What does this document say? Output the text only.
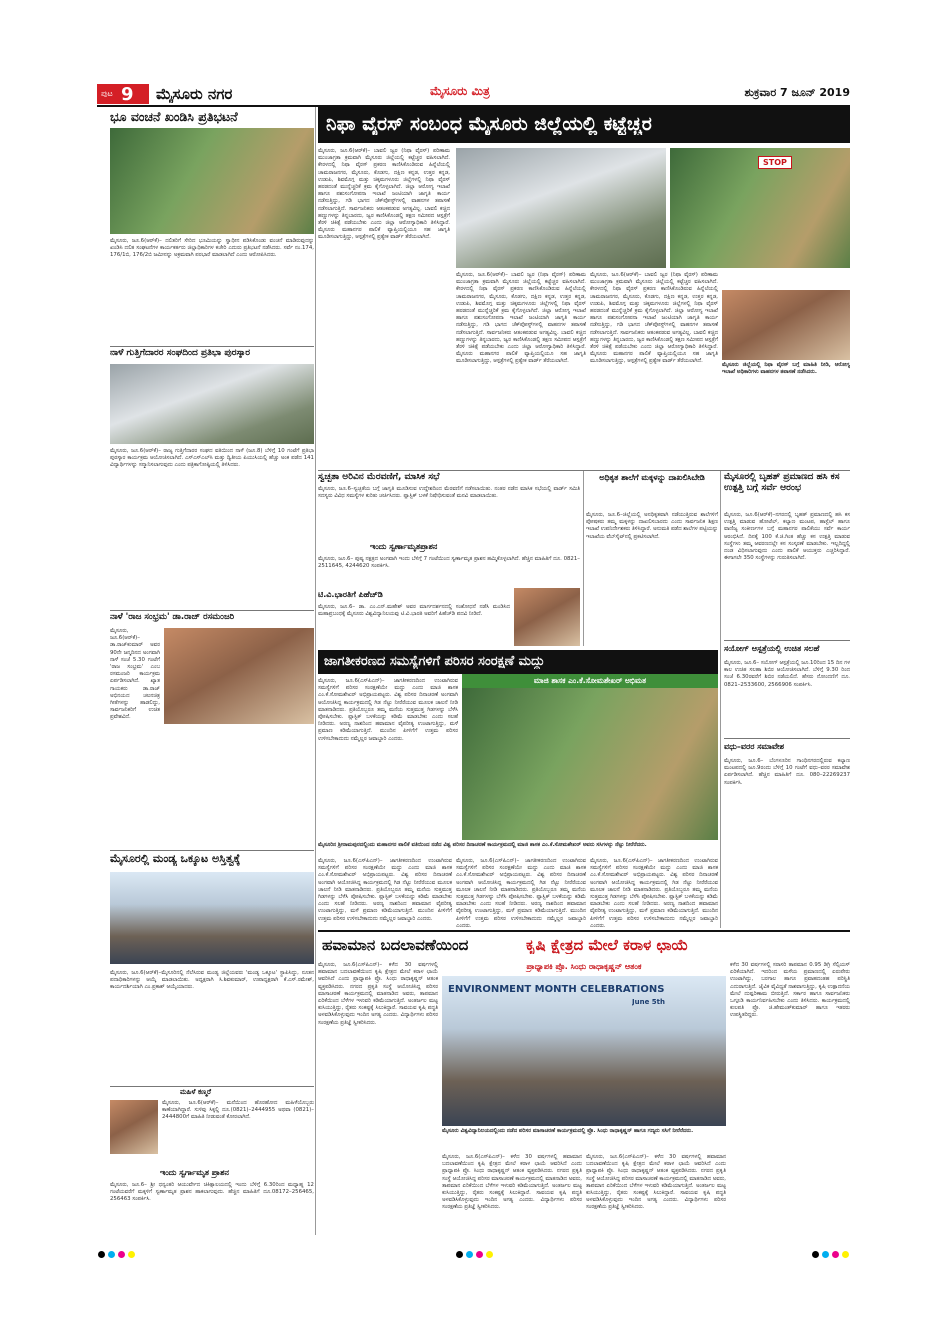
ಪುಟ 9 ಮೈಸೂರು ನಗರ	ಮೈಸೂರು ಮಿತ್ರ	ಶುಕ್ರವಾರ 7 ಜೂನ್ 2019
ನಿಫಾ ವೈರಸ್ ಸಂಬಂಧ ಮೈಸೂರು ಜಿಲ್ಲೆಯಲ್ಲಿ ಕಟ್ಟೆಚ್ಚರ
ಭೂ ವಂಚನೆ ಖಂಡಿಸಿ ಪ್ರತಿಭಟನೆ

ಮೈಸೂರು, ಜೂ.6(ಆರ್‌ಕೆ)– ದಲಿತರಿಗೆ ಸೇರಿದ ಭೂಮಿಯನ್ನು ಸ್ವಾಧೀನ ಪಡಿಸಿಕೊಂಡು ವಂಚನೆ ಮಾಡಿರುವುದನ್ನು ಖಂಡಿಸಿ ದಲಿತ ಸಂಘಟನೆಗಳ ಕಾರ್ಯಕರ್ತರು ಜಿಲ್ಲಾಧಿಕಾರಿಗಳ ಕಚೇರಿ ಎದುರು ಪ್ರತಿಭಟನೆ ನಡೆಸಿದರು. ಸರ್ವೆ ನಂ.174, 176/1ಬಿ, 176/2ಬಿ ಜಮೀನನ್ನು ಅಕ್ರಮವಾಗಿ ಪರಭಾರೆ ಮಾಡಲಾಗಿದೆ ಎಂದು ಆರೋಪಿಸಿದರು.

ನಾಳೆ ಗುತ್ತಿಗೆದಾರರ ಸಂಘದಿಂದ ಪ್ರತಿಭಾ ಪುರಸ್ಕಾರ

ಮೈಸೂರು, ಜೂ.6(ಆರ್‌ಕೆ)– ರಾಜ್ಯ ಗುತ್ತಿಗೆದಾರರ ಸಂಘದ ವತಿಯಿಂದ ನಾಳೆ (ಜೂ.8) ಬೆಳಿಗ್ಗೆ 10 ಗಂಟೆಗೆ ಪ್ರತಿಭಾ ಪುರಸ್ಕಾರ ಕಾರ್ಯಕ್ರಮ ಆಯೋಜಿಸಲಾಗಿದೆ. ಎಸ್‌ಎಸ್‌ಎಲ್‌ಸಿ ಮತ್ತು ದ್ವಿತೀಯ ಪಿಯುಸಿಯಲ್ಲಿ ಹೆಚ್ಚು ಅಂಕ ಪಡೆದ 141 ವಿದ್ಯಾರ್ಥಿಗಳನ್ನು ಸನ್ಮಾನಿಸಲಾಗುವುದು ಎಂದು ಪತ್ರಿಕಾಗೋಷ್ಠಿಯಲ್ಲಿ ತಿಳಿಸಿದರು.

ನಾಳೆ 'ರಾಜ ಸಂಭ್ರಮ' ಡಾ.ರಾಜ್ ರಸಮಂಜರಿ

ಮೈಸೂರು, ಜೂ.6(ಆರ್‌ಕೆ)– ಡಾ.ರಾಜ್‌ಕುಮಾರ್ ಅವರ 90ನೇ ಜನ್ಮದಿನದ ಅಂಗವಾಗಿ ನಾಳೆ ಸಂಜೆ 5.30 ಗಂಟೆಗೆ 'ರಾಜ ಸಂಭ್ರಮ' ಎಂಬ ರಸಮಂಜರಿ ಕಾರ್ಯಕ್ರಮ ಏರ್ಪಡಿಸಲಾಗಿದೆ. ಖ್ಯಾತ ಗಾಯಕರು ಡಾ.ರಾಜ್ ಅಭಿನಯದ ಚಲನಚಿತ್ರ ಗೀತೆಗಳನ್ನು ಹಾಡಲಿದ್ದು, ಸಾರ್ವಜನಿಕರಿಗೆ ಉಚಿತ ಪ್ರವೇಶವಿದೆ.

ಮೈಸೂರಲ್ಲಿ ಮಂಡ್ಯ ಒಕ್ಕೂಟ ಅಸ್ತಿತ್ವಕ್ಕೆ

ಮೈಸೂರು, ಜೂ.6(ಆರ್‌ಕೆ)–ಮೈಸೂರಿನಲ್ಲಿ ನೆಲೆಸಿರುವ ಮಂಡ್ಯ ಜಿಲ್ಲೆಯವರು 'ಮಂಡ್ಯ ಒಕ್ಕೂಟ' ಸ್ಥಾಪಿಸಿದ್ದು, ನೂತನ ಪದಾಧಿಕಾರಿಗಳನ್ನು ಆಯ್ಕೆ ಮಾಡಲಾಯಿತು. ಅಧ್ಯಕ್ಷರಾಗಿ ಸಿ.ಶಿವಕುಮಾರ್, ಉಪಾಧ್ಯಕ್ಷರಾಗಿ ಕೆ.ಎಸ್.ರಮೇಶ್, ಕಾರ್ಯದರ್ಶಿಯಾಗಿ ಎಂ.ಪ್ರಕಾಶ್ ಆಯ್ಕೆಯಾದರು.

ಮಹಿಳೆ ಕಣ್ಮರೆ

ಮೈಸೂರು, ಜೂ.6(ಆರ್‌ಕೆ)– ಮನೆಯಿಂದ ಹೊರಹೋದ ಮಹಿಳೆಯೊಬ್ಬರು ಕಾಣೆಯಾಗಿದ್ದಾರೆ. ಸುಳಿವು ಸಿಕ್ಕಲ್ಲಿ ದೂ.(0821)–2444955 ಅಥವಾ (0821)–2444800ಗೆ ಮಾಹಿತಿ ನೀಡುವಂತೆ ಕೋರಲಾಗಿದೆ.

ಇಂದು ಸ್ವರ್ಗಾಮೃತ ಪ್ರಾಶನ

ಮೈಸೂರು, ಜೂ.6– ಶ್ರೀ ಧನ್ವಂತರಿ ಆಯುರ್ವೇದ ಚಿಕಿತ್ಸಾಲಯದಲ್ಲಿ ಇಂದು ಬೆಳಿಗ್ಗೆ 6.30ರಿಂದ ಮಧ್ಯಾಹ್ನ 12 ಗಂಟೆಯವರೆಗೆ ಮಕ್ಕಳಿಗೆ ಸ್ವರ್ಣಾಮೃತ ಪ್ರಾಶನ ಹಾಕಲಾಗುವುದು. ಹೆಚ್ಚಿನ ಮಾಹಿತಿಗೆ ದೂ.08172–256465, 256463 ಸಂಪರ್ಕಿಸಿ.

ಮೈಸೂರು, ಜೂ.6(ಆರ್‌ಕೆ)– ಬಾವಲಿ ಜ್ವರ (ನಿಫಾ ವೈರಸ್) ಪರಿಣಾಮ ಮುಂಜಾಗ್ರತಾ ಕ್ರಮವಾಗಿ ಮೈಸೂರು ಜಿಲ್ಲೆಯಲ್ಲಿ ಕಟ್ಟೆಚ್ಚರ ವಹಿಸಲಾಗಿದೆ. ಕೇರಳದಲ್ಲಿ ನಿಫಾ ವೈರಸ್ ಪ್ರಕರಣ ಕಾಣಿಸಿಕೊಂಡಿರುವ ಹಿನ್ನೆಲೆಯಲ್ಲಿ ಚಾಮರಾಜನಗರ, ಮೈಸೂರು, ಕೊಡಗು, ದಕ್ಷಿಣ ಕನ್ನಡ, ಉತ್ತರ ಕನ್ನಡ, ಉಡುಪಿ, ಶಿವಮೊಗ್ಗ ಮತ್ತು ಚಿಕ್ಕಮಗಳೂರು ಜಿಲ್ಲೆಗಳಲ್ಲಿ ನಿಫಾ ವೈರಸ್ ಹರಡದಂತೆ ಮುನ್ನೆಚ್ಚರಿಕೆ ಕ್ರಮ ಕೈಗೊಳ್ಳಲಾಗಿದೆ. ಜಿಲ್ಲಾ ಆರೋಗ್ಯ ಇಲಾಖೆ ಹಾಗೂ ಪಶುಸಂಗೋಪನಾ ಇಲಾಖೆ ಜಂಟಿಯಾಗಿ ಜಾಗೃತಿ ಕಾರ್ಯ ನಡೆಸುತ್ತಿದ್ದು, ಗಡಿ ಭಾಗದ ಚೆಕ್‌ಪೋಸ್ಟ್‌ಗಳಲ್ಲಿ ವಾಹನಗಳ ತಪಾಸಣೆ ನಡೆಸಲಾಗುತ್ತಿದೆ. ಸಾರ್ವಜನಿಕರು ಆತಂಕಪಡುವ ಅಗತ್ಯವಿಲ್ಲ. ಬಾವಲಿ ಕಚ್ಚಿದ ಹಣ್ಣುಗಳನ್ನು ತಿನ್ನಬಾರದು, ಜ್ವರ ಕಾಣಿಸಿಕೊಂಡಲ್ಲಿ ತಕ್ಷಣ ಸಮೀಪದ ಆಸ್ಪತ್ರೆಗೆ ತೆರಳಿ ಚಿಕಿತ್ಸೆ ಪಡೆಯಬೇಕು ಎಂದು ಜಿಲ್ಲಾ ಆರೋಗ್ಯಾಧಿಕಾರಿ ತಿಳಿಸಿದ್ದಾರೆ. ಮೈಸೂರು ಮಹಾನಗರ ಪಾಲಿಕೆ ವ್ಯಾಪ್ತಿಯಲ್ಲಿಯೂ ಸಹ ಜಾಗೃತಿ ಮೂಡಿಸಲಾಗುತ್ತಿದ್ದು, ಆಸ್ಪತ್ರೆಗಳಲ್ಲಿ ಪ್ರತ್ಯೇಕ ವಾರ್ಡ್ ತೆರೆಯಲಾಗಿದೆ.

STOP

ಮೈಸೂರು ಜಿಲ್ಲೆಯಲ್ಲಿ ನಿಫಾ ವೈರಸ್ ಬಗ್ಗೆ ಮಾಹಿತಿ ನೀಡಿ, ಆರೋಗ್ಯ ಇಲಾಖೆ ಅಧಿಕಾರಿಗಳು ವಾಹನಗಳ ತಪಾಸಣೆ ನಡೆಸಿದರು.

ಮೈಸೂರು, ಜೂ.6(ಆರ್‌ಕೆ)– ಬಾವಲಿ ಜ್ವರ (ನಿಫಾ ವೈರಸ್) ಪರಿಣಾಮ ಮುಂಜಾಗ್ರತಾ ಕ್ರಮವಾಗಿ ಮೈಸೂರು ಜಿಲ್ಲೆಯಲ್ಲಿ ಕಟ್ಟೆಚ್ಚರ ವಹಿಸಲಾಗಿದೆ. ಕೇರಳದಲ್ಲಿ ನಿಫಾ ವೈರಸ್ ಪ್ರಕರಣ ಕಾಣಿಸಿಕೊಂಡಿರುವ ಹಿನ್ನೆಲೆಯಲ್ಲಿ ಚಾಮರಾಜನಗರ, ಮೈಸೂರು, ಕೊಡಗು, ದಕ್ಷಿಣ ಕನ್ನಡ, ಉತ್ತರ ಕನ್ನಡ, ಉಡುಪಿ, ಶಿವಮೊಗ್ಗ ಮತ್ತು ಚಿಕ್ಕಮಗಳೂರು ಜಿಲ್ಲೆಗಳಲ್ಲಿ ನಿಫಾ ವೈರಸ್ ಹರಡದಂತೆ ಮುನ್ನೆಚ್ಚರಿಕೆ ಕ್ರಮ ಕೈಗೊಳ್ಳಲಾಗಿದೆ. ಜಿಲ್ಲಾ ಆರೋಗ್ಯ ಇಲಾಖೆ ಹಾಗೂ ಪಶುಸಂಗೋಪನಾ ಇಲಾಖೆ ಜಂಟಿಯಾಗಿ ಜಾಗೃತಿ ಕಾರ್ಯ ನಡೆಸುತ್ತಿದ್ದು, ಗಡಿ ಭಾಗದ ಚೆಕ್‌ಪೋಸ್ಟ್‌ಗಳಲ್ಲಿ ವಾಹನಗಳ ತಪಾಸಣೆ ನಡೆಸಲಾಗುತ್ತಿದೆ. ಸಾರ್ವಜನಿಕರು ಆತಂಕಪಡುವ ಅಗತ್ಯವಿಲ್ಲ. ಬಾವಲಿ ಕಚ್ಚಿದ ಹಣ್ಣುಗಳನ್ನು ತಿನ್ನಬಾರದು, ಜ್ವರ ಕಾಣಿಸಿಕೊಂಡಲ್ಲಿ ತಕ್ಷಣ ಸಮೀಪದ ಆಸ್ಪತ್ರೆಗೆ ತೆರಳಿ ಚಿಕಿತ್ಸೆ ಪಡೆಯಬೇಕು ಎಂದು ಜಿಲ್ಲಾ ಆರೋಗ್ಯಾಧಿಕಾರಿ ತಿಳಿಸಿದ್ದಾರೆ. ಮೈಸೂರು ಮಹಾನಗರ ಪಾಲಿಕೆ ವ್ಯಾಪ್ತಿಯಲ್ಲಿಯೂ ಸಹ ಜಾಗೃತಿ ಮೂಡಿಸಲಾಗುತ್ತಿದ್ದು, ಆಸ್ಪತ್ರೆಗಳಲ್ಲಿ ಪ್ರತ್ಯೇಕ ವಾರ್ಡ್ ತೆರೆಯಲಾಗಿದೆ.

ಮೈಸೂರು, ಜೂ.6(ಆರ್‌ಕೆ)– ಬಾವಲಿ ಜ್ವರ (ನಿಫಾ ವೈರಸ್) ಪರಿಣಾಮ ಮುಂಜಾಗ್ರತಾ ಕ್ರಮವಾಗಿ ಮೈಸೂರು ಜಿಲ್ಲೆಯಲ್ಲಿ ಕಟ್ಟೆಚ್ಚರ ವಹಿಸಲಾಗಿದೆ. ಕೇರಳದಲ್ಲಿ ನಿಫಾ ವೈರಸ್ ಪ್ರಕರಣ ಕಾಣಿಸಿಕೊಂಡಿರುವ ಹಿನ್ನೆಲೆಯಲ್ಲಿ ಚಾಮರಾಜನಗರ, ಮೈಸೂರು, ಕೊಡಗು, ದಕ್ಷಿಣ ಕನ್ನಡ, ಉತ್ತರ ಕನ್ನಡ, ಉಡುಪಿ, ಶಿವಮೊಗ್ಗ ಮತ್ತು ಚಿಕ್ಕಮಗಳೂರು ಜಿಲ್ಲೆಗಳಲ್ಲಿ ನಿಫಾ ವೈರಸ್ ಹರಡದಂತೆ ಮುನ್ನೆಚ್ಚರಿಕೆ ಕ್ರಮ ಕೈಗೊಳ್ಳಲಾಗಿದೆ. ಜಿಲ್ಲಾ ಆರೋಗ್ಯ ಇಲಾಖೆ ಹಾಗೂ ಪಶುಸಂಗೋಪನಾ ಇಲಾಖೆ ಜಂಟಿಯಾಗಿ ಜಾಗೃತಿ ಕಾರ್ಯ ನಡೆಸುತ್ತಿದ್ದು, ಗಡಿ ಭಾಗದ ಚೆಕ್‌ಪೋಸ್ಟ್‌ಗಳಲ್ಲಿ ವಾಹನಗಳ ತಪಾಸಣೆ ನಡೆಸಲಾಗುತ್ತಿದೆ. ಸಾರ್ವಜನಿಕರು ಆತಂಕಪಡುವ ಅಗತ್ಯವಿಲ್ಲ. ಬಾವಲಿ ಕಚ್ಚಿದ ಹಣ್ಣುಗಳನ್ನು ತಿನ್ನಬಾರದು, ಜ್ವರ ಕಾಣಿಸಿಕೊಂಡಲ್ಲಿ ತಕ್ಷಣ ಸಮೀಪದ ಆಸ್ಪತ್ರೆಗೆ ತೆರಳಿ ಚಿಕಿತ್ಸೆ ಪಡೆಯಬೇಕು ಎಂದು ಜಿಲ್ಲಾ ಆರೋಗ್ಯಾಧಿಕಾರಿ ತಿಳಿಸಿದ್ದಾರೆ. ಮೈಸೂರು ಮಹಾನಗರ ಪಾಲಿಕೆ ವ್ಯಾಪ್ತಿಯಲ್ಲಿಯೂ ಸಹ ಜಾಗೃತಿ ಮೂಡಿಸಲಾಗುತ್ತಿದ್ದು, ಆಸ್ಪತ್ರೆಗಳಲ್ಲಿ ಪ್ರತ್ಯೇಕ ವಾರ್ಡ್ ತೆರೆಯಲಾಗಿದೆ.

ಸ್ವಚ್ಛತಾ ಅರಿವಿನ ಮೆರವಣಿಗೆ, ಮಾಸಿಕ ಸಭೆ

ಮೈಸೂರು, ಜೂ.6–ಸ್ವಚ್ಛತೆಯ ಬಗ್ಗೆ ಜಾಗೃತಿ ಮೂಡಿಸುವ ಉದ್ದೇಶದಿಂದ ಮೆರವಣಿಗೆ ನಡೆಸಲಾಯಿತು. ನಂತರ ನಡೆದ ಮಾಸಿಕ ಸಭೆಯಲ್ಲಿ ವಾರ್ಡ್ ಸಮಿತಿ ಸದಸ್ಯರು ವಿವಿಧ ಸಮಸ್ಯೆಗಳ ಕುರಿತು ಚರ್ಚಿಸಿದರು. ಪ್ಲಾಸ್ಟಿಕ್ ಬಳಕೆ ನಿಷೇಧಿಸುವಂತೆ ಮನವಿ ಮಾಡಲಾಯಿತು.

ಇಂದು ಸ್ವರ್ಣಾಮೃತಪ್ರಾಶನ

ಮೈಸೂರು, ಜೂ.6– ಪುಷ್ಯ ನಕ್ಷತ್ರದ ಅಂಗವಾಗಿ ಇಂದು ಬೆಳಿಗ್ಗೆ 7 ಗಂಟೆಯಿಂದ ಸ್ವರ್ಣಾಮೃತ ಪ್ರಾಶನ ಹಮ್ಮಿಕೊಳ್ಳಲಾಗಿದೆ. ಹೆಚ್ಚಿನ ಮಾಹಿತಿಗೆ ದೂ. 0821–2511645, 4244620 ಸಂಪರ್ಕಿಸಿ.

ಟಿ.ವಿ.ಭಾರತಿಗೆ ಪಿಹೆಚ್‌ಡಿ

ಮೈಸೂರು, ಜೂ.6– ಡಾ. ಎಂ.ಎನ್.ಮಹೇಶ್ ಅವರ ಮಾರ್ಗದರ್ಶನದಲ್ಲಿ ಸಂಶೋಧನೆ ನಡೆಸಿ ಮಂಡಿಸಿದ ಮಹಾಪ್ರಬಂಧಕ್ಕೆ ಮೈಸೂರು ವಿಶ್ವವಿದ್ಯಾನಿಲಯವು ಟಿ.ವಿ.ಭಾರತಿ ಅವರಿಗೆ ಪಿಹೆಚ್‌ಡಿ ಪದವಿ ನೀಡಿದೆ.

ಅಧಿಕೃತ ಶಾಲೆಗೆ ಮಕ್ಕಳನ್ನು ದಾಖಲಿಸಿಬೇಡಿ

ಮೈಸೂರು, ಜೂ.6–ಜಿಲ್ಲೆಯಲ್ಲಿ ಅನಧಿಕೃತವಾಗಿ ನಡೆಯುತ್ತಿರುವ ಶಾಲೆಗಳಿಗೆ ಪೋಷಕರು ತಮ್ಮ ಮಕ್ಕಳನ್ನು ದಾಖಲಿಸಬಾರದು ಎಂದು ಸಾರ್ವಜನಿಕ ಶಿಕ್ಷಣ ಇಲಾಖೆ ಉಪನಿರ್ದೇಶಕರು ತಿಳಿಸಿದ್ದಾರೆ. ಅನುಮತಿ ಪಡೆದ ಶಾಲೆಗಳ ಪಟ್ಟಿಯನ್ನು ಇಲಾಖೆಯ ವೆಬ್‌ಸೈಟ್‌ನಲ್ಲಿ ಪ್ರಕಟಿಸಲಾಗಿದೆ.

ಮೈಸೂರಲ್ಲಿ ಬೃಹತ್ ಪ್ರಮಾಣದ ಹಸಿ ಕಸ ಉತ್ಪತ್ತಿ ಬಗ್ಗೆ ಸರ್ವೆ ಆರಂಭ

ಮೈಸೂರು, ಜೂ.6(ಆರ್‌ಕೆ)–ನಗರದಲ್ಲಿ ಬೃಹತ್ ಪ್ರಮಾಣದಲ್ಲಿ ಹಸಿ ಕಸ ಉತ್ಪತ್ತಿ ಮಾಡುವ ಹೋಟೆಲ್, ಕಲ್ಯಾಣ ಮಂಟಪ, ಹಾಸ್ಟೆಲ್ ಹಾಗೂ ವಾಣಿಜ್ಯ ಸಂಕೀರ್ಣಗಳ ಬಗ್ಗೆ ಮಹಾನಗರ ಪಾಲಿಕೆಯು ಸರ್ವೆ ಕಾರ್ಯ ಆರಂಭಿಸಿದೆ. ದಿನಕ್ಕೆ 100 ಕೆ.ಜಿ.ಗಿಂತ ಹೆಚ್ಚು ಕಸ ಉತ್ಪತ್ತಿ ಮಾಡುವ ಸಂಸ್ಥೆಗಳು ತಮ್ಮ ಆವರಣದಲ್ಲೇ ಕಸ ಸಂಸ್ಕರಣೆ ಮಾಡಬೇಕು. ಇಲ್ಲದಿದ್ದಲ್ಲಿ ದಂಡ ವಿಧಿಸಲಾಗುವುದು ಎಂದು ಪಾಲಿಕೆ ಆಯುಕ್ತರು ಎಚ್ಚರಿಸಿದ್ದಾರೆ. ಈಗಾಗಲೇ 350 ಸಂಸ್ಥೆಗಳನ್ನು ಗುರುತಿಸಲಾಗಿದೆ.

ಸಯೋಗ್ ಆಸ್ಪತ್ರೆಯಲ್ಲಿ ಉಚಿತ ಸಲಹೆ

ಮೈಸೂರು, ಜೂ.6– ಸಯೋಗ್ ಆಸ್ಪತ್ರೆಯಲ್ಲಿ ಜೂ.10ರಿಂದ 15 ದಿನ ಗಳ ಕಾಲ ಉಚಿತ ಸಲಹಾ ಶಿಬಿರ ಆಯೋಜಿಸಲಾಗಿದೆ. ಬೆಳಿಗ್ಗೆ 9.30 ರಿಂದ ಸಂಜೆ 6.30ರವರೆಗೆ ಶಿಬಿರ ನಡೆಯಲಿದೆ. ಹೆಸರು ನೋಂದಣಿಗೆ ದೂ. 0821–2533600, 2566906 ಸಂಪರ್ಕಿಸಿ.

ವಧು–ವರರ ಸಮಾವೇಶ

ಮೈಸೂರು, ಜೂ.6– ಬೆಂಗಳೂರಿನ ಗಾಂಧಿನಗರದಲ್ಲಿರುವ ಕಲ್ಯಾಣ ಮಂಟಪದಲ್ಲಿ ಜೂ.9ರಂದು ಬೆಳಿಗ್ಗೆ 10 ಗಂಟೆಗೆ ವಧು–ವರರ ಸಮಾವೇಶ ಏರ್ಪಡಿಸಲಾಗಿದೆ. ಹೆಚ್ಚಿನ ಮಾಹಿತಿಗೆ ದೂ. 080–22269237 ಸಂಪರ್ಕಿಸಿ.

ಜಾಗತೀಕರಣದ ಸಮಸ್ಯೆಗಳಿಗೆ ಪರಿಸರ ಸಂರಕ್ಷಣೆ ಮದ್ದು
ಮಾಜಿ ಶಾಸಕ ಎಂ.ಕೆ.ಸೋಮಶೇಖರ್ ಅಭಿಮತ

ಮೈಸೂರು, ಜೂ.6(ಎಸ್‌ಪಿಎನ್)– ಜಾಗತೀಕರಣದಿಂದ ಉಂಟಾಗಿರುವ ಸಮಸ್ಯೆಗಳಿಗೆ ಪರಿಸರ ಸಂರಕ್ಷಣೆಯೇ ಮದ್ದು ಎಂದು ಮಾಜಿ ಶಾಸಕ ಎಂ.ಕೆ.ಸೋಮಶೇಖರ್ ಅಭಿಪ್ರಾಯಪಟ್ಟರು. ವಿಶ್ವ ಪರಿಸರ ದಿನಾಚರಣೆ ಅಂಗವಾಗಿ ಆಯೋಜಿಸಿದ್ದ ಕಾರ್ಯಕ್ರಮದಲ್ಲಿ ಗಿಡ ನೆಟ್ಟು ನೀರೆರೆಯುವ ಮೂಲಕ ಚಾಲನೆ ನೀಡಿ ಮಾತನಾಡಿದರು. ಪ್ರತಿಯೊಬ್ಬರೂ ತಮ್ಮ ಮನೆಯ ಸುತ್ತಮುತ್ತ ಗಿಡಗಳನ್ನು ಬೆಳೆಸಿ ಪೋಷಿಸಬೇಕು. ಪ್ಲಾಸ್ಟಿಕ್ ಬಳಕೆಯನ್ನು ಕಡಿಮೆ ಮಾಡಬೇಕು ಎಂದು ಸಲಹೆ ನೀಡಿದರು. ಅರಣ್ಯ ನಾಶದಿಂದ ಹವಾಮಾನ ವೈಪರೀತ್ಯ ಉಂಟಾಗುತ್ತಿದ್ದು, ಮಳೆ ಪ್ರಮಾಣ ಕಡಿಮೆಯಾಗುತ್ತಿದೆ. ಮುಂದಿನ ಪೀಳಿಗೆಗೆ ಉತ್ತಮ ಪರಿಸರ ಉಳಿಸಬೇಕಾದುದು ನಮ್ಮೆಲ್ಲರ ಜವಾಬ್ದಾರಿ ಎಂದರು.

ಮೈಸೂರಿನ ಶ್ರೀರಾಮಪುರದಲ್ಲಿಂದು ಮಹಾನಗರ ಪಾಲಿಕೆ ವತಿಯಿಂದ ನಡೆದ ವಿಶ್ವ ಪರಿಸರ ದಿನಾಚರಣೆ ಕಾರ್ಯಕ್ರಮದಲ್ಲಿ ಮಾಜಿ ಶಾಸಕ ಎಂ.ಕೆ.ಸೋಮಶೇಖರ್ ಅವರು ಸಸಿಗಳನ್ನು ನೆಟ್ಟು ನೀರೆರೆದರು.

ಮೈಸೂರು, ಜೂ.6(ಎಸ್‌ಪಿಎನ್)– ಜಾಗತೀಕರಣದಿಂದ ಉಂಟಾಗಿರುವ ಸಮಸ್ಯೆಗಳಿಗೆ ಪರಿಸರ ಸಂರಕ್ಷಣೆಯೇ ಮದ್ದು ಎಂದು ಮಾಜಿ ಶಾಸಕ ಎಂ.ಕೆ.ಸೋಮಶೇಖರ್ ಅಭಿಪ್ರಾಯಪಟ್ಟರು. ವಿಶ್ವ ಪರಿಸರ ದಿನಾಚರಣೆ ಅಂಗವಾಗಿ ಆಯೋಜಿಸಿದ್ದ ಕಾರ್ಯಕ್ರಮದಲ್ಲಿ ಗಿಡ ನೆಟ್ಟು ನೀರೆರೆಯುವ ಮೂಲಕ ಚಾಲನೆ ನೀಡಿ ಮಾತನಾಡಿದರು. ಪ್ರತಿಯೊಬ್ಬರೂ ತಮ್ಮ ಮನೆಯ ಸುತ್ತಮುತ್ತ ಗಿಡಗಳನ್ನು ಬೆಳೆಸಿ ಪೋಷಿಸಬೇಕು. ಪ್ಲಾಸ್ಟಿಕ್ ಬಳಕೆಯನ್ನು ಕಡಿಮೆ ಮಾಡಬೇಕು ಎಂದು ಸಲಹೆ ನೀಡಿದರು. ಅರಣ್ಯ ನಾಶದಿಂದ ಹವಾಮಾನ ವೈಪರೀತ್ಯ ಉಂಟಾಗುತ್ತಿದ್ದು, ಮಳೆ ಪ್ರಮಾಣ ಕಡಿಮೆಯಾಗುತ್ತಿದೆ. ಮುಂದಿನ ಪೀಳಿಗೆಗೆ ಉತ್ತಮ ಪರಿಸರ ಉಳಿಸಬೇಕಾದುದು ನಮ್ಮೆಲ್ಲರ ಜವಾಬ್ದಾರಿ ಎಂದರು.

ಮೈಸೂರು, ಜೂ.6(ಎಸ್‌ಪಿಎನ್)– ಜಾಗತೀಕರಣದಿಂದ ಉಂಟಾಗಿರುವ ಸಮಸ್ಯೆಗಳಿಗೆ ಪರಿಸರ ಸಂರಕ್ಷಣೆಯೇ ಮದ್ದು ಎಂದು ಮಾಜಿ ಶಾಸಕ ಎಂ.ಕೆ.ಸೋಮಶೇಖರ್ ಅಭಿಪ್ರಾಯಪಟ್ಟರು. ವಿಶ್ವ ಪರಿಸರ ದಿನಾಚರಣೆ ಅಂಗವಾಗಿ ಆಯೋಜಿಸಿದ್ದ ಕಾರ್ಯಕ್ರಮದಲ್ಲಿ ಗಿಡ ನೆಟ್ಟು ನೀರೆರೆಯುವ ಮೂಲಕ ಚಾಲನೆ ನೀಡಿ ಮಾತನಾಡಿದರು. ಪ್ರತಿಯೊಬ್ಬರೂ ತಮ್ಮ ಮನೆಯ ಸುತ್ತಮುತ್ತ ಗಿಡಗಳನ್ನು ಬೆಳೆಸಿ ಪೋಷಿಸಬೇಕು. ಪ್ಲಾಸ್ಟಿಕ್ ಬಳಕೆಯನ್ನು ಕಡಿಮೆ ಮಾಡಬೇಕು ಎಂದು ಸಲಹೆ ನೀಡಿದರು. ಅರಣ್ಯ ನಾಶದಿಂದ ಹವಾಮಾನ ವೈಪರೀತ್ಯ ಉಂಟಾಗುತ್ತಿದ್ದು, ಮಳೆ ಪ್ರಮಾಣ ಕಡಿಮೆಯಾಗುತ್ತಿದೆ. ಮುಂದಿನ ಪೀಳಿಗೆಗೆ ಉತ್ತಮ ಪರಿಸರ ಉಳಿಸಬೇಕಾದುದು ನಮ್ಮೆಲ್ಲರ ಜವಾಬ್ದಾರಿ ಎಂದರು.

ಮೈಸೂರು, ಜೂ.6(ಎಸ್‌ಪಿಎನ್)– ಜಾಗತೀಕರಣದಿಂದ ಉಂಟಾಗಿರುವ ಸಮಸ್ಯೆಗಳಿಗೆ ಪರಿಸರ ಸಂರಕ್ಷಣೆಯೇ ಮದ್ದು ಎಂದು ಮಾಜಿ ಶಾಸಕ ಎಂ.ಕೆ.ಸೋಮಶೇಖರ್ ಅಭಿಪ್ರಾಯಪಟ್ಟರು. ವಿಶ್ವ ಪರಿಸರ ದಿನಾಚರಣೆ ಅಂಗವಾಗಿ ಆಯೋಜಿಸಿದ್ದ ಕಾರ್ಯಕ್ರಮದಲ್ಲಿ ಗಿಡ ನೆಟ್ಟು ನೀರೆರೆಯುವ ಮೂಲಕ ಚಾಲನೆ ನೀಡಿ ಮಾತನಾಡಿದರು. ಪ್ರತಿಯೊಬ್ಬರೂ ತಮ್ಮ ಮನೆಯ ಸುತ್ತಮುತ್ತ ಗಿಡಗಳನ್ನು ಬೆಳೆಸಿ ಪೋಷಿಸಬೇಕು. ಪ್ಲಾಸ್ಟಿಕ್ ಬಳಕೆಯನ್ನು ಕಡಿಮೆ ಮಾಡಬೇಕು ಎಂದು ಸಲಹೆ ನೀಡಿದರು. ಅರಣ್ಯ ನಾಶದಿಂದ ಹವಾಮಾನ ವೈಪರೀತ್ಯ ಉಂಟಾಗುತ್ತಿದ್ದು, ಮಳೆ ಪ್ರಮಾಣ ಕಡಿಮೆಯಾಗುತ್ತಿದೆ. ಮುಂದಿನ ಪೀಳಿಗೆಗೆ ಉತ್ತಮ ಪರಿಸರ ಉಳಿಸಬೇಕಾದುದು ನಮ್ಮೆಲ್ಲರ ಜವಾಬ್ದಾರಿ ಎಂದರು.

ಹವಾಮಾನ ಬದಲಾವಣೆಯಿಂದ	ಕೃಷಿ ಕ್ಷೇತ್ರದ ಮೇಲೆ ಕರಾಳ ಛಾಯೆ

ಮೈಸೂರು, ಜೂ.6(ಎಸ್‌ಪಿಎನ್)– ಕಳೆದ 30 ವರ್ಷಗಳಲ್ಲಿ ಹವಾಮಾನ ಬದಲಾವಣೆಯಿಂದ ಕೃಷಿ ಕ್ಷೇತ್ರದ ಮೇಲೆ ಕರಾಳ ಛಾಯೆ ಆವರಿಸಿದೆ ಎಂದು ಪ್ರಾಧ್ಯಾಪಕಿ ಪ್ರೊ. ಸಿಂಧು ರಾಧಾಕೃಷ್ಣನ್ ಆತಂಕ ವ್ಯಕ್ತಪಡಿಸಿದರು. ನಗರದ ಪ್ರಕೃತಿ ಸಂಸ್ಥೆ ಆಯೋಜಿಸಿದ್ದ ಪರಿಸರ ಮಾಸಾಚರಣೆ ಕಾರ್ಯಕ್ರಮದಲ್ಲಿ ಮಾತನಾಡಿದ ಅವರು, ತಾಪಮಾನ ಏರಿಕೆಯಿಂದ ಬೆಳೆಗಳ ಇಳುವರಿ ಕಡಿಮೆಯಾಗುತ್ತಿದೆ. ಅಂತರ್ಜಲ ಮಟ್ಟ ಕುಸಿಯುತ್ತಿದ್ದು, ರೈತರು ಸಂಕಷ್ಟಕ್ಕೆ ಸಿಲುಕಿದ್ದಾರೆ. ಸಾವಯವ ಕೃಷಿ ಪದ್ಧತಿ ಅಳವಡಿಸಿಕೊಳ್ಳುವುದು ಇಂದಿನ ಅಗತ್ಯ ಎಂದರು. ವಿದ್ಯಾರ್ಥಿಗಳು ಪರಿಸರ ಸಂರಕ್ಷಣೆಯ ಪ್ರತಿಜ್ಞೆ ಸ್ವೀಕರಿಸಿದರು.

ಪ್ರಾಧ್ಯಾಪಕಿ ಪ್ರೊ. ಸಿಂಧು ರಾಧಾಕೃಷ್ಣನ್ ಆತಂಕ
ENVIRONMENT MONTH CELEBRATIONS
June 5th

ಮೈಸೂರು ವಿಶ್ವವಿದ್ಯಾನಿಲಯದಲ್ಲಿಂದು ನಡೆದ ಪರಿಸರ ಮಾಸಾಚರಣೆ ಕಾರ್ಯಕ್ರಮದಲ್ಲಿ ಪ್ರೊ. ಸಿಂಧು ರಾಧಾಕೃಷ್ಣನ್ ಹಾಗೂ ಗಣ್ಯರು ಸಸಿಗೆ ನೀರೆರೆದರು.

ಮೈಸೂರು, ಜೂ.6(ಎಸ್‌ಪಿಎನ್)– ಕಳೆದ 30 ವರ್ಷಗಳಲ್ಲಿ ಹವಾಮಾನ ಬದಲಾವಣೆಯಿಂದ ಕೃಷಿ ಕ್ಷೇತ್ರದ ಮೇಲೆ ಕರಾಳ ಛಾಯೆ ಆವರಿಸಿದೆ ಎಂದು ಪ್ರಾಧ್ಯಾಪಕಿ ಪ್ರೊ. ಸಿಂಧು ರಾಧಾಕೃಷ್ಣನ್ ಆತಂಕ ವ್ಯಕ್ತಪಡಿಸಿದರು. ನಗರದ ಪ್ರಕೃತಿ ಸಂಸ್ಥೆ ಆಯೋಜಿಸಿದ್ದ ಪರಿಸರ ಮಾಸಾಚರಣೆ ಕಾರ್ಯಕ್ರಮದಲ್ಲಿ ಮಾತನಾಡಿದ ಅವರು, ತಾಪಮಾನ ಏರಿಕೆಯಿಂದ ಬೆಳೆಗಳ ಇಳುವರಿ ಕಡಿಮೆಯಾಗುತ್ತಿದೆ. ಅಂತರ್ಜಲ ಮಟ್ಟ ಕುಸಿಯುತ್ತಿದ್ದು, ರೈತರು ಸಂಕಷ್ಟಕ್ಕೆ ಸಿಲುಕಿದ್ದಾರೆ. ಸಾವಯವ ಕೃಷಿ ಪದ್ಧತಿ ಅಳವಡಿಸಿಕೊಳ್ಳುವುದು ಇಂದಿನ ಅಗತ್ಯ ಎಂದರು. ವಿದ್ಯಾರ್ಥಿಗಳು ಪರಿಸರ ಸಂರಕ್ಷಣೆಯ ಪ್ರತಿಜ್ಞೆ ಸ್ವೀಕರಿಸಿದರು.

ಮೈಸೂರು, ಜೂ.6(ಎಸ್‌ಪಿಎನ್)– ಕಳೆದ 30 ವರ್ಷಗಳಲ್ಲಿ ಹವಾಮಾನ ಬದಲಾವಣೆಯಿಂದ ಕೃಷಿ ಕ್ಷೇತ್ರದ ಮೇಲೆ ಕರಾಳ ಛಾಯೆ ಆವರಿಸಿದೆ ಎಂದು ಪ್ರಾಧ್ಯಾಪಕಿ ಪ್ರೊ. ಸಿಂಧು ರಾಧಾಕೃಷ್ಣನ್ ಆತಂಕ ವ್ಯಕ್ತಪಡಿಸಿದರು. ನಗರದ ಪ್ರಕೃತಿ ಸಂಸ್ಥೆ ಆಯೋಜಿಸಿದ್ದ ಪರಿಸರ ಮಾಸಾಚರಣೆ ಕಾರ್ಯಕ್ರಮದಲ್ಲಿ ಮಾತನಾಡಿದ ಅವರು, ತಾಪಮಾನ ಏರಿಕೆಯಿಂದ ಬೆಳೆಗಳ ಇಳುವರಿ ಕಡಿಮೆಯಾಗುತ್ತಿದೆ. ಅಂತರ್ಜಲ ಮಟ್ಟ ಕುಸಿಯುತ್ತಿದ್ದು, ರೈತರು ಸಂಕಷ್ಟಕ್ಕೆ ಸಿಲುಕಿದ್ದಾರೆ. ಸಾವಯವ ಕೃಷಿ ಪದ್ಧತಿ ಅಳವಡಿಸಿಕೊಳ್ಳುವುದು ಇಂದಿನ ಅಗತ್ಯ ಎಂದರು. ವಿದ್ಯಾರ್ಥಿಗಳು ಪರಿಸರ ಸಂರಕ್ಷಣೆಯ ಪ್ರತಿಜ್ಞೆ ಸ್ವೀಕರಿಸಿದರು.

ಕಳೆದ 30 ವರ್ಷಗಳಲ್ಲಿ ಸರಾಸರಿ ತಾಪಮಾನ 0.95 ಡಿಗ್ರಿ ಸೆಲ್ಸಿಯಸ್ ಏರಿಕೆಯಾಗಿದೆ. ಇದರಿಂದ ಮಳೆಯ ಪ್ರಮಾಣದಲ್ಲಿ ಏರುಪೇರು ಉಂಟಾಗಿದ್ದು, ಬರಗಾಲ ಹಾಗೂ ಪ್ರವಾಹದಂತಹ ಪರಿಸ್ಥಿತಿ ಎದುರಾಗುತ್ತಿದೆ. ಜೈವಿಕ ವೈವಿಧ್ಯತೆ ನಾಶವಾಗುತ್ತಿದ್ದು, ಕೃಷಿ ಉತ್ಪಾದನೆಯ ಮೇಲೆ ದುಷ್ಪರಿಣಾಮ ಬೀರುತ್ತಿದೆ. ಸರ್ಕಾರ ಹಾಗೂ ಸಾರ್ವಜನಿಕರು ಒಗ್ಗೂಡಿ ಕಾರ್ಯನಿರ್ವಹಿಸಬೇಕು ಎಂದು ತಿಳಿಸಿದರು. ಕಾರ್ಯಕ್ರಮದಲ್ಲಿ ಕುಲಪತಿ ಪ್ರೊ. ಜಿ.ಹೇಮಂತ್‌ಕುಮಾರ್ ಹಾಗೂ ಇತರರು ಉಪಸ್ಥಿತರಿದ್ದರು.
